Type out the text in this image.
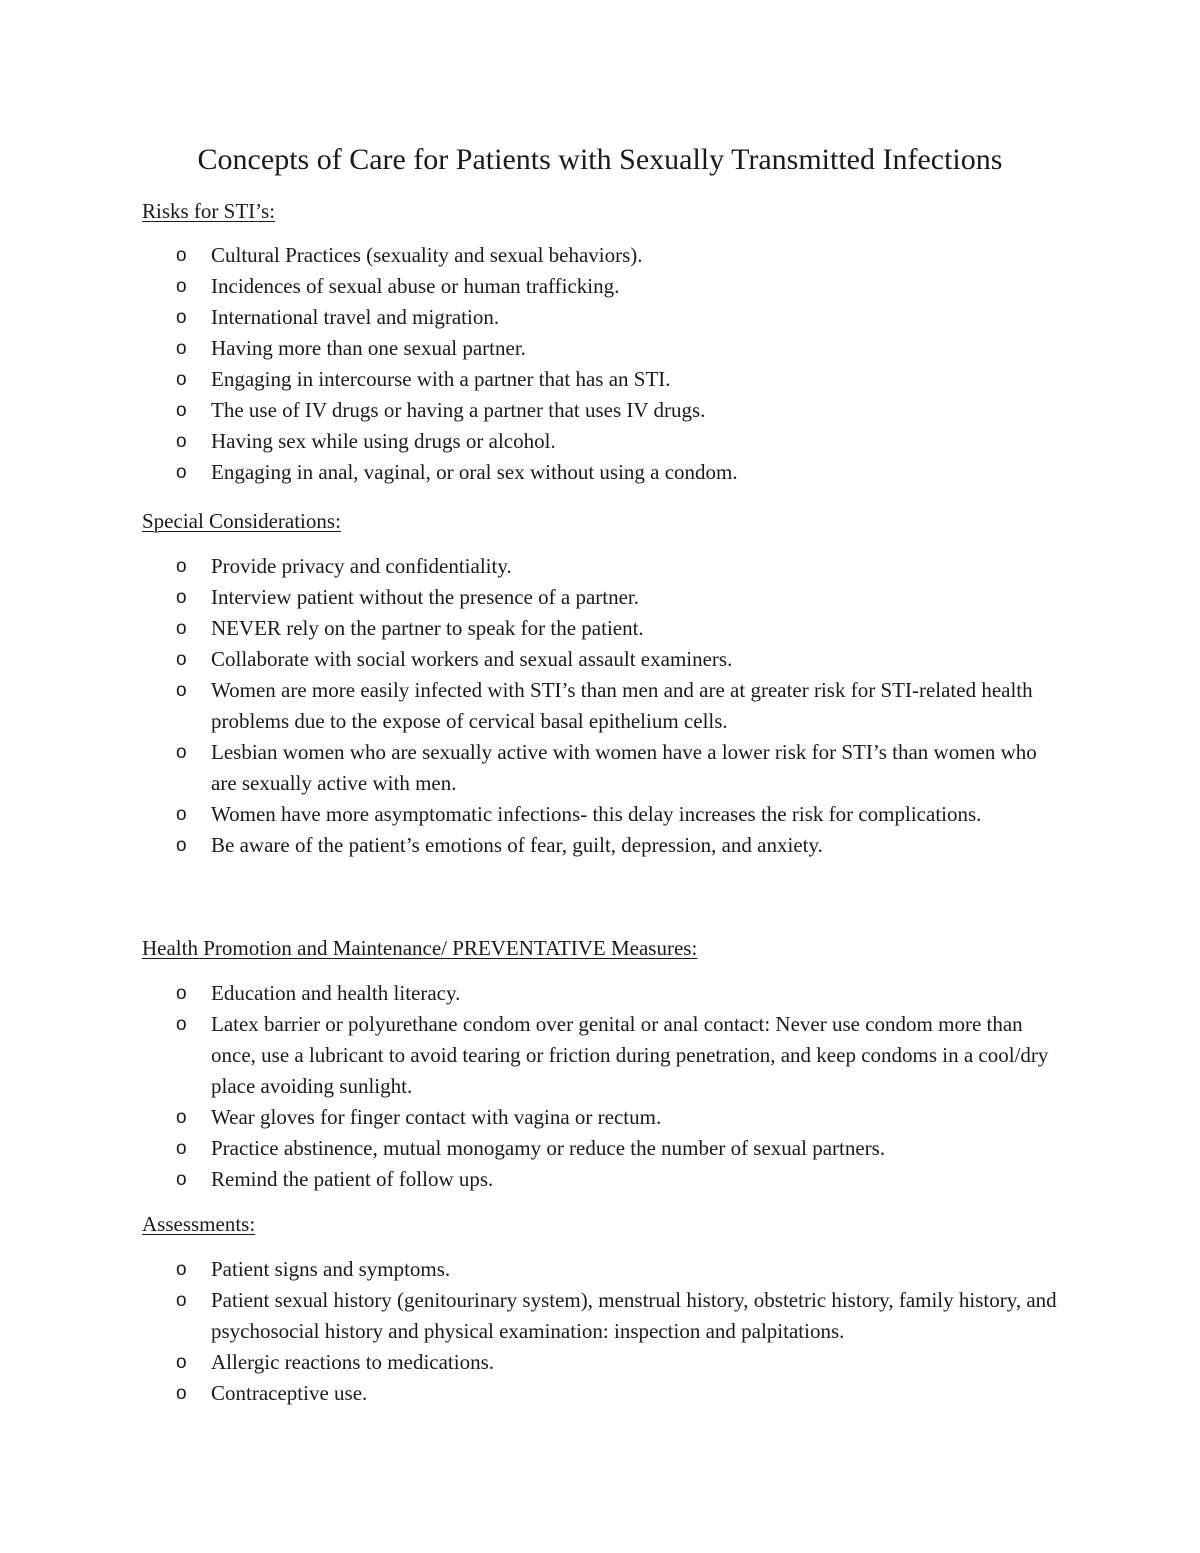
Concepts of Care for Patients with Sexually Transmitted Infections
Risks for STI’s:
o Cultural Practices (sexuality and sexual behaviors).
o Incidences of sexual abuse or human trafficking.
o International travel and migration.
o Having more than one sexual partner.
o Engaging in intercourse with a partner that has an STI.
o The use of IV drugs or having a partner that uses IV drugs.
o Having sex while using drugs or alcohol.
o Engaging in anal, vaginal, or oral sex without using a condom.
Special Considerations:
o Provide privacy and confidentiality.
o Interview patient without the presence of a partner.
o NEVER rely on the partner to speak for the patient.
o Collaborate with social workers and sexual assault examiners.
o Women are more easily infected with STI’s than men and are at greater risk for STI-related health problems due to the expose of cervical basal epithelium cells.
o Lesbian women who are sexually active with women have a lower risk for STI’s than women who are sexually active with men.
o Women have more asymptomatic infections- this delay increases the risk for complications.
o Be aware of the patient’s emotions of fear, guilt, depression, and anxiety.
Health Promotion and Maintenance/ PREVENTATIVE Measures:
o Education and health literacy.
o Latex barrier or polyurethane condom over genital or anal contact: Never use condom more than once, use a lubricant to avoid tearing or friction during penetration, and keep condoms in a cool/dry place avoiding sunlight.
o Wear gloves for finger contact with vagina or rectum.
o Practice abstinence, mutual monogamy or reduce the number of sexual partners.
o Remind the patient of follow ups.
Assessments:
o Patient signs and symptoms.
o Patient sexual history (genitourinary system), menstrual history, obstetric history, family history, and psychosocial history and physical examination: inspection and palpitations.
o Allergic reactions to medications.
o Contraceptive use.
